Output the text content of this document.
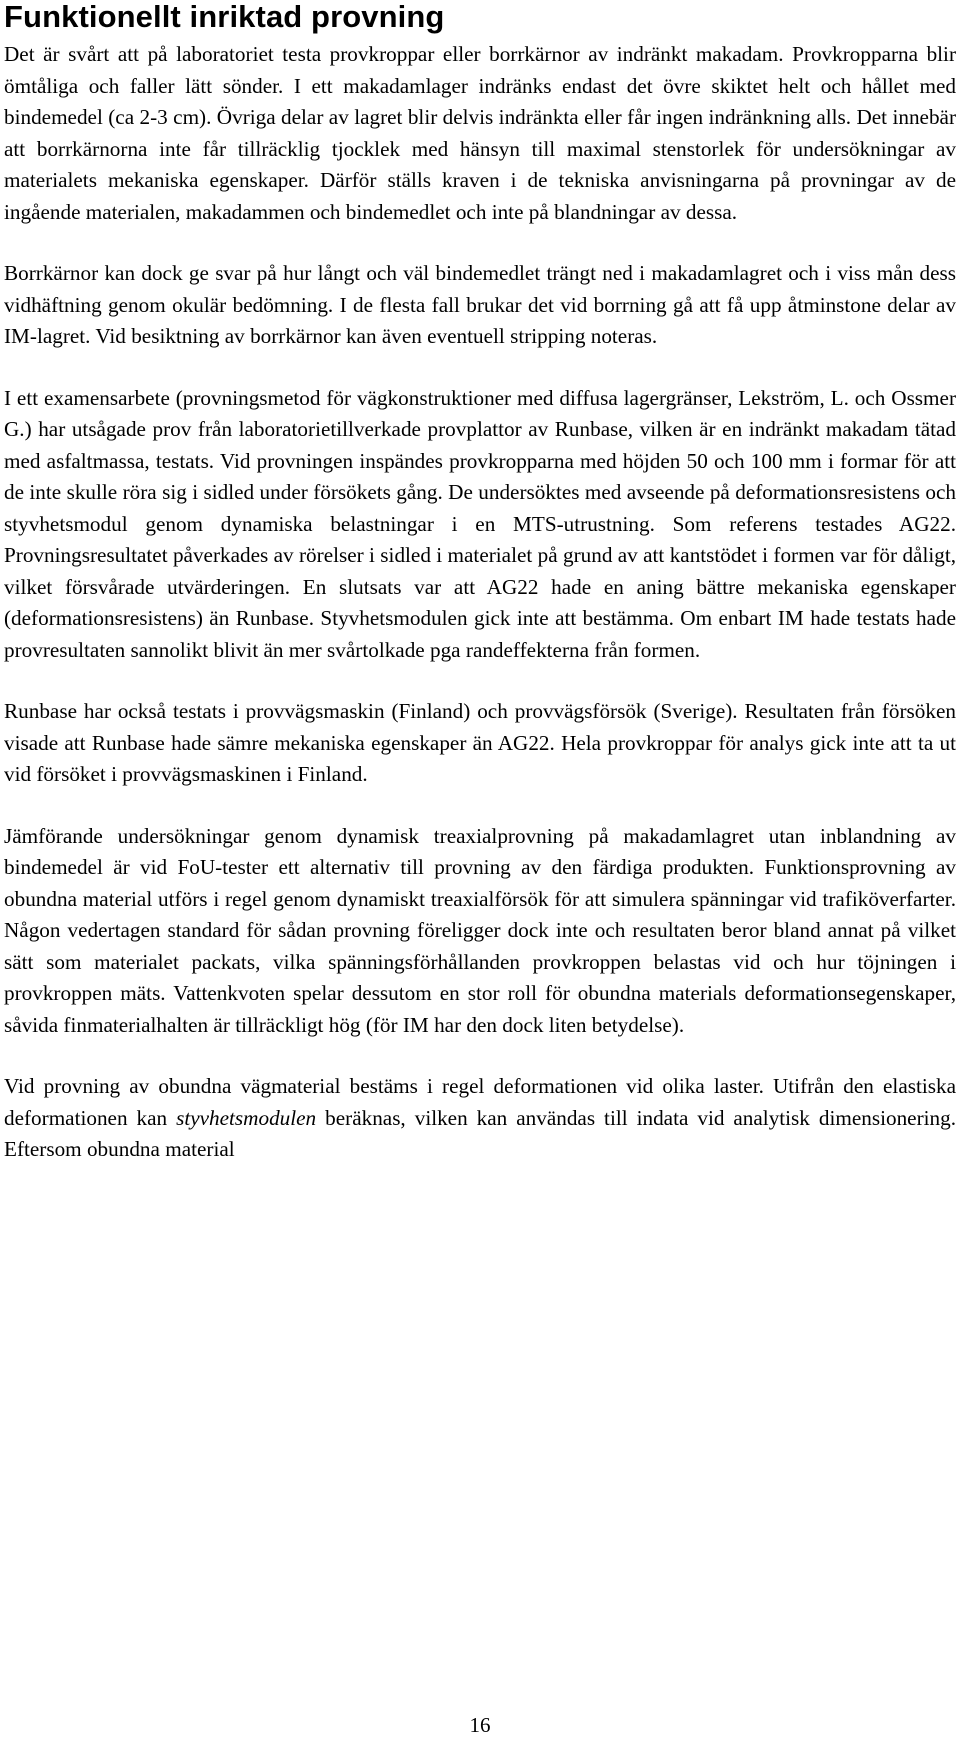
Funktionellt inriktad provning

Det är svårt att på laboratoriet testa provkroppar eller borrkärnor av indränkt makadam. Provkropparna blir ömtåliga och faller lätt sönder. I ett makadamlager indränks endast det övre skiktet helt och hållet med bindemedel (ca 2-3 cm). Övriga delar av lagret blir delvis indränkta eller får ingen indränkning alls. Det innebär att borrkärnorna inte får tillräcklig tjocklek med hänsyn till maximal stenstorlek för undersökningar av materialets mekaniska egenskaper. Därför ställs kraven i de tekniska anvisningarna på provningar av de ingående materialen, makadammen och bindemedlet och inte på blandningar av dessa.

Borrkärnor kan dock ge svar på hur långt och väl bindemedlet trängt ned i makadamlagret och i viss mån dess vidhäftning genom okulär bedömning. I de flesta fall brukar det vid borrning gå att få upp åtminstone delar av IM-lagret. Vid besiktning av borrkärnor kan även eventuell stripping noteras.

I ett examensarbete (provningsmetod för vägkonstruktioner med diffusa lagergränser, Lekström, L. och Ossmer G.) har utsågade prov från laboratorietillverkade provplattor av Runbase, vilken är en indränkt makadam tätad med asfaltmassa, testats. Vid provningen inspändes provkropparna med höjden 50 och 100 mm i formar för att de inte skulle röra sig i sidled under försökets gång. De undersöktes med avseende på deformationsresistens och styvhetsmodul genom dynamiska belastningar i en MTS-utrustning. Som referens testades AG22. Provningsresultatet påverkades av rörelser i sidled i materialet på grund av att kantstödet i formen var för dåligt, vilket försvårade utvärderingen. En slutsats var att AG22 hade en aning bättre mekaniska egenskaper (deformationsresistens) än Runbase. Styvhetsmodulen gick inte att bestämma. Om enbart IM hade testats hade provresultaten sannolikt blivit än mer svårtolkade pga randeffekterna från formen.

Runbase har också testats i provvägsmaskin (Finland) och provvägsförsök (Sverige). Resultaten från försöken visade att Runbase hade sämre mekaniska egenskaper än AG22. Hela provkroppar för analys gick inte att ta ut vid försöket i provvägsmaskinen i Finland.

Jämförande undersökningar genom dynamisk treaxialprovning på makadamlagret utan inblandning av bindemedel är vid FoU-tester ett alternativ till provning av den färdiga produkten. Funktionsprovning av obundna material utförs i regel genom dynamiskt treaxialförsök för att simulera spänningar vid trafiköverfarter. Någon vedertagen standard för sådan provning föreligger dock inte och resultaten beror bland annat på vilket sätt som materialet packats, vilka spänningsförhållanden provkroppen belastas vid och hur töjningen i provkroppen mäts. Vattenkvoten spelar dessutom en stor roll för obundna materials deformationsegenskaper, såvida finmaterialhalten är tillräckligt hög (för IM har den dock liten betydelse).

Vid provning av obundna vägmaterial bestäms i regel deformationen vid olika laster. Utifrån den elastiska deformationen kan styvhetsmodulen beräknas, vilken kan användas till indata vid analytisk dimensionering. Eftersom obundna material

16
